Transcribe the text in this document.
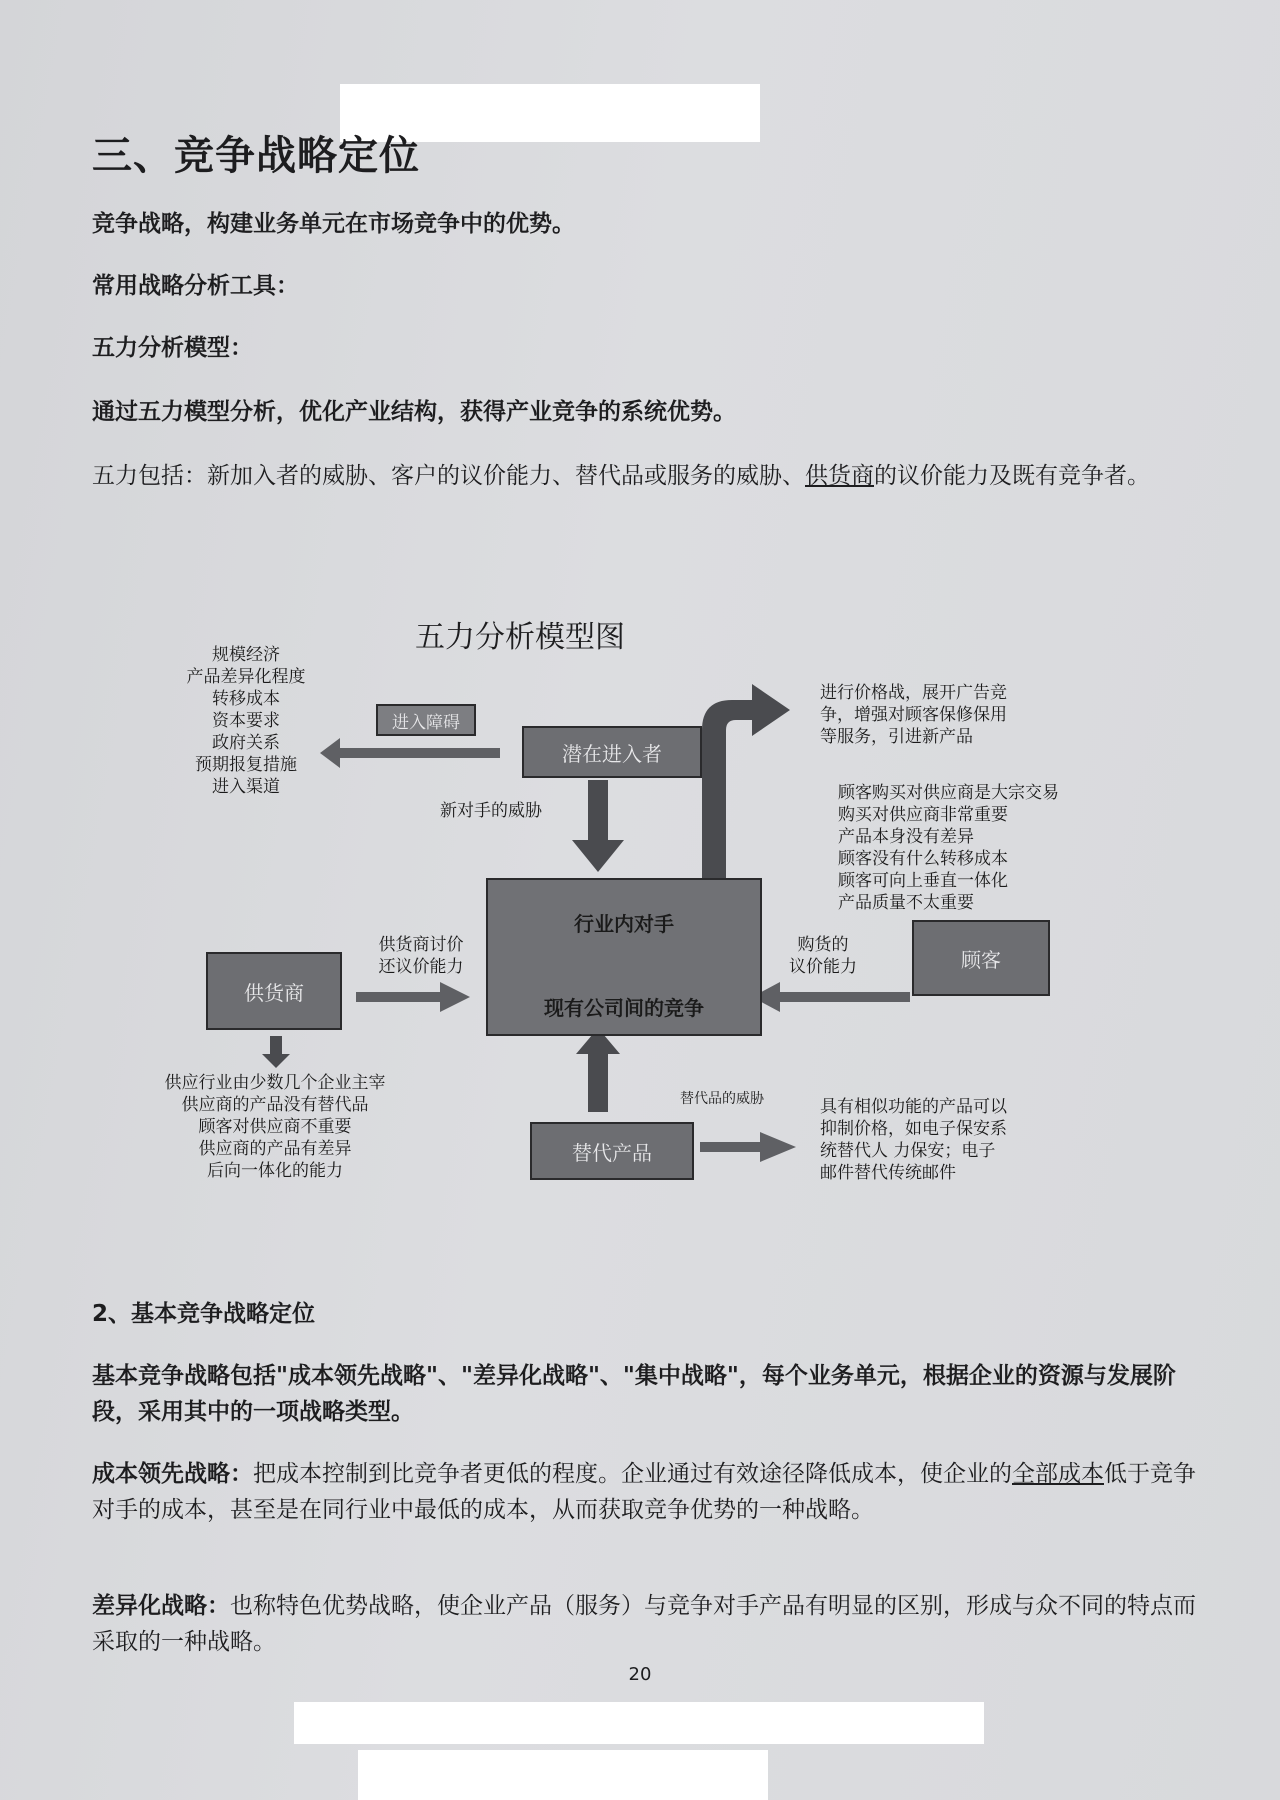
三、竞争战略定位

竞争战略，构建业务单元在市场竞争中的优势。

常用战略分析工具：

五力分析模型：

通过五力模型分析，优化产业结构，获得产业竞争的系统优势。

五力包括：新加入者的威胁、客户的议价能力、替代品或服务的威胁、供货商的议价能力及既有竞争者。

五力分析模型图
规模经济
产品差异化程度
转移成本
资本要求
政府关系
预期报复措施
进入渠道
进入障碍
潜在进入者
新对手的威胁
进行价格战，展开广告竞
争，增强对顾客保修保用
等服务，引进新产品
顾客购买对供应商是大宗交易
购买对供应商非常重要
产品本身没有差异
顾客没有什么转移成本
顾客可向上垂直一体化
产品质量不太重要
行业内对手
现有公司间的竞争
供货商
供货商讨价
还议价能力
购货的
议价能力	顾客
供应行业由少数几个企业主宰
供应商的产品没有替代品
顾客对供应商不重要
供应商的产品有差异
后向一体化的能力
替代品的威胁
替代产品
具有相似功能的产品可以
抑制价格，如电子保安系
统替代人 力保安；电子
邮件替代传统邮件

2、基本竞争战略定位

基本竞争战略包括"成本领先战略"、"差异化战略"、"集中战略"，每个业务单元，根据企业的资源与发展阶段，采用其中的一项战略类型。

成本领先战略：把成本控制到比竞争者更低的程度。企业通过有效途径降低成本，使企业的全部成本低于竞争对手的成本，甚至是在同行业中最低的成本，从而获取竞争优势的一种战略。

差异化战略：也称特色优势战略，使企业产品（服务）与竞争对手产品有明显的区别，形成与众不同的特点而采取的一种战略。

20
